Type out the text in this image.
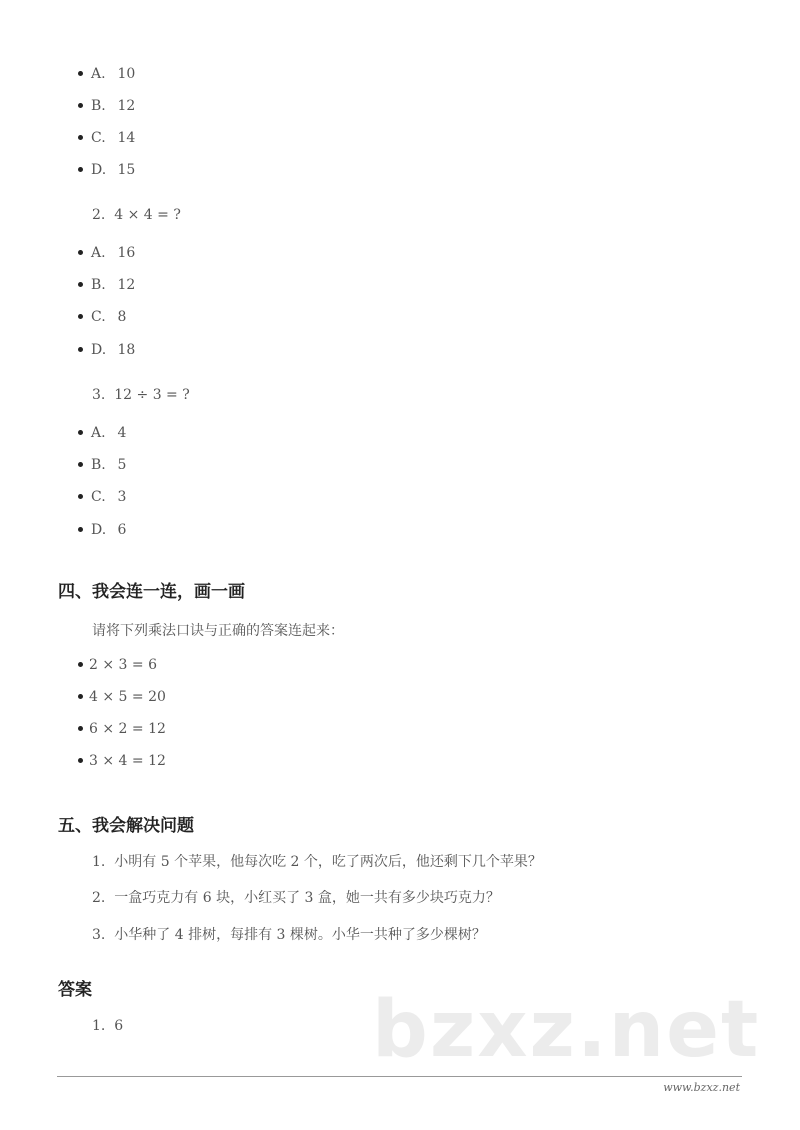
A. 10
B. 12
C. 14
D. 15
2.  4 × 4 = ?
A. 16
B. 12
C. 8
D. 18
3.  12 ÷ 3 = ?
A. 4
B. 5
C. 3
D. 6
四、我会连一连，画一画
请将下列乘法口诀与正确的答案连起来：
2 × 3 = 6
4 × 5 = 20
6 × 2 = 12
3 × 4 = 12
五、我会解决问题
1.  小明有 5 个苹果，他每次吃 2 个，吃了两次后，他还剩下几个苹果？
2.  一盒巧克力有 6 块，小红买了 3 盒，她一共有多少块巧克力？
3.  小华种了 4 排树，每排有 3 棵树。小华一共种了多少棵树？
bzxz.net
答案
1.  6
www.bzxz.net
